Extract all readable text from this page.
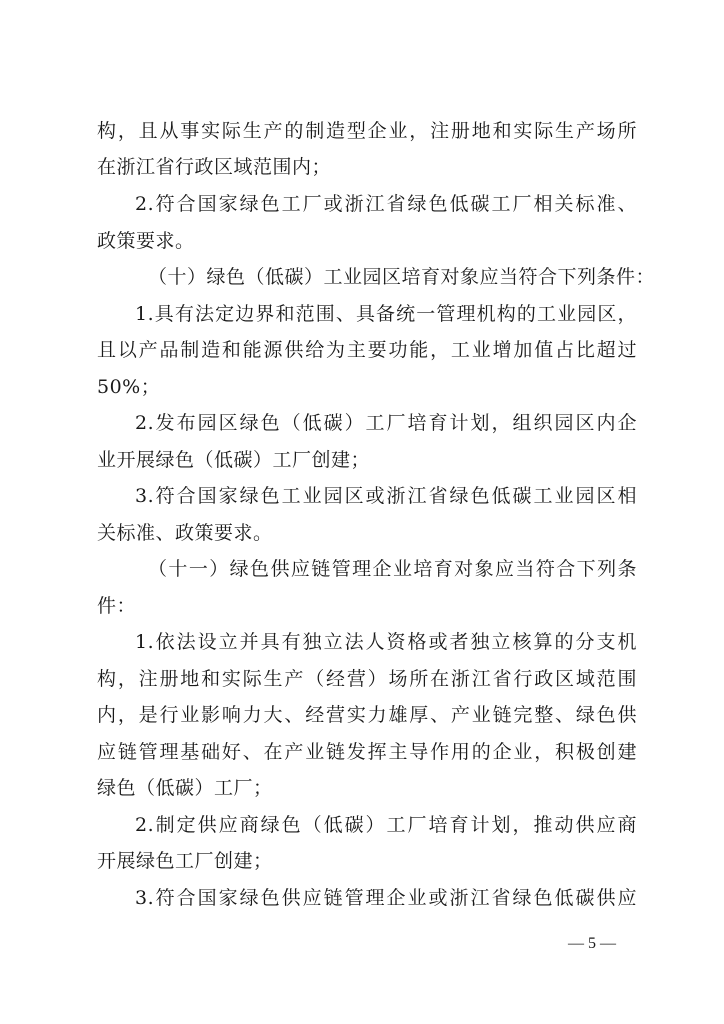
构，且从事实际生产的制造型企业，注册地和实际生产场所
在浙江省行政区域范围内；
2.符合国家绿色工厂或浙江省绿色低碳工厂相关标准、
政策要求。
（十）绿色（低碳）工业园区培育对象应当符合下列条件：
1.具有法定边界和范围、具备统一管理机构的工业园区，
且以产品制造和能源供给为主要功能，工业增加值占比超过
50%；
2.发布园区绿色（低碳）工厂培育计划，组织园区内企
业开展绿色（低碳）工厂创建；
3.符合国家绿色工业园区或浙江省绿色低碳工业园区相
关标准、政策要求。
（十一）绿色供应链管理企业培育对象应当符合下列条
件：
1.依法设立并具有独立法人资格或者独立核算的分支机
构，注册地和实际生产（经营）场所在浙江省行政区域范围
内，是行业影响力大、经营实力雄厚、产业链完整、绿色供
应链管理基础好、在产业链发挥主导作用的企业，积极创建
绿色（低碳）工厂；
2.制定供应商绿色（低碳）工厂培育计划，推动供应商
开展绿色工厂创建；
3.符合国家绿色供应链管理企业或浙江省绿色低碳供应
— 5 —
